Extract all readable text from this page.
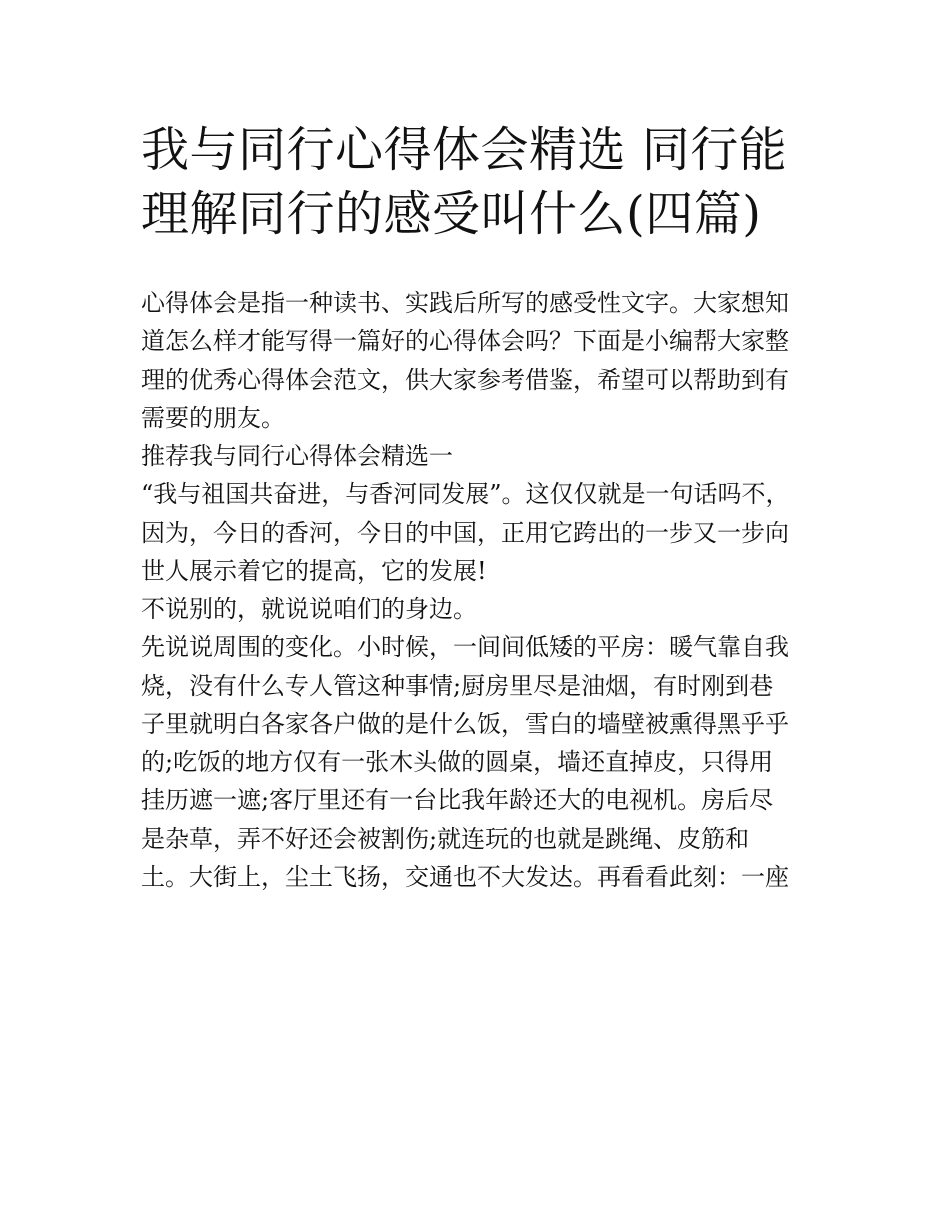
我与同行心得体会精选 同行能
理解同行的感受叫什么(四篇)

心得体会是指一种读书、实践后所写的感受性文字。大家想知

道怎么样才能写得一篇好的心得体会吗？下面是小编帮大家整

理的优秀心得体会范文，供大家参考借鉴，希望可以帮助到有

需要的朋友。

推荐我与同行心得体会精选一

“我与祖国共奋进，与香河同发展”。这仅仅就是一句话吗不，

因为，今日的香河，今日的中国，正用它跨出的一步又一步向

世人展示着它的提高，它的发展!

不说别的，就说说咱们的身边。

先说说周围的变化。小时候，一间间低矮的平房：暖气靠自我

烧，没有什么专人管这种事情;厨房里尽是油烟，有时刚到巷

子里就明白各家各户做的是什么饭，雪白的墙壁被熏得黑乎乎

的;吃饭的地方仅有一张木头做的圆桌，墙还直掉皮，只得用

挂历遮一遮;客厅里还有一台比我年龄还大的电视机。房后尽

是杂草，弄不好还会被割伤;就连玩的也就是跳绳、皮筋和

土。大街上，尘土飞扬，交通也不大发达。再看看此刻：一座
